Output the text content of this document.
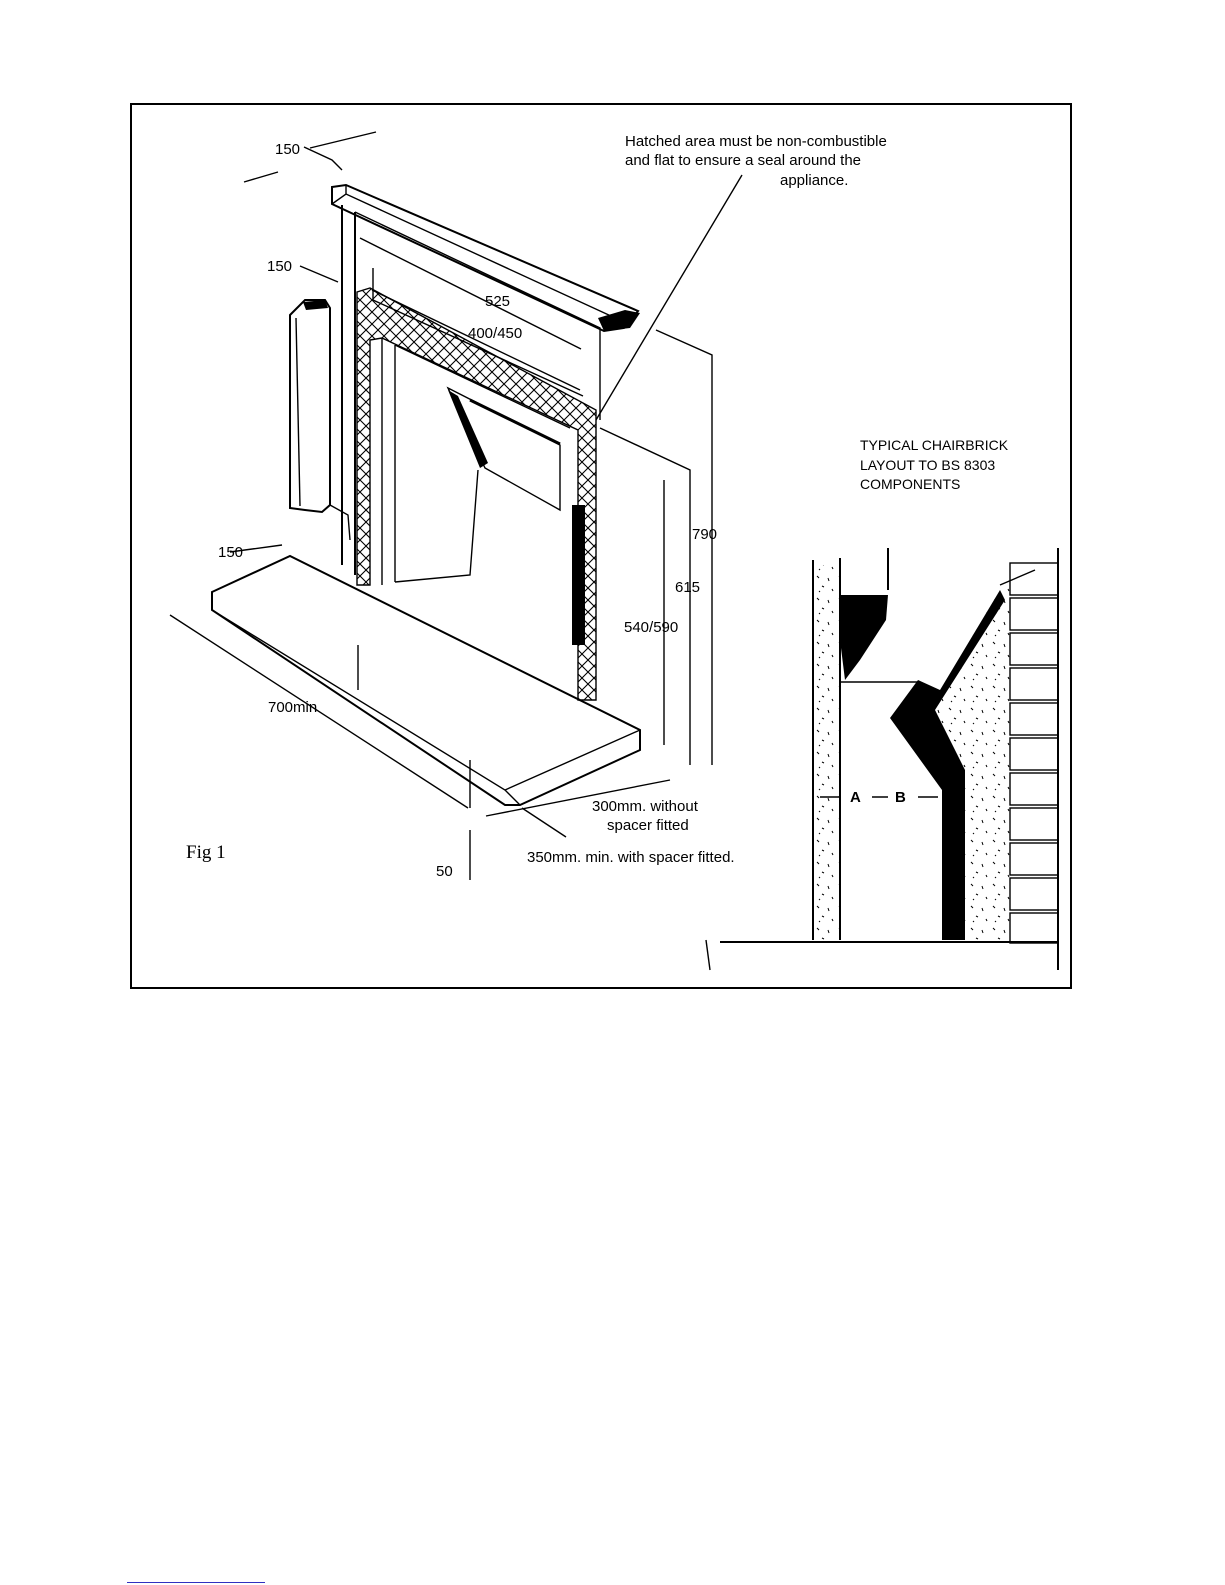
Hatched area must be non-combustible
and flat to ensure a seal around the
appliance.
150
150
150
525
400/450
790
615
540/590
700min
50
300mm. without
spacer fitted
350mm. min. with spacer fitted.
Fig 1
TYPICAL CHAIRBRICK
LAYOUT TO BS 8303
COMPONENTS
A B
